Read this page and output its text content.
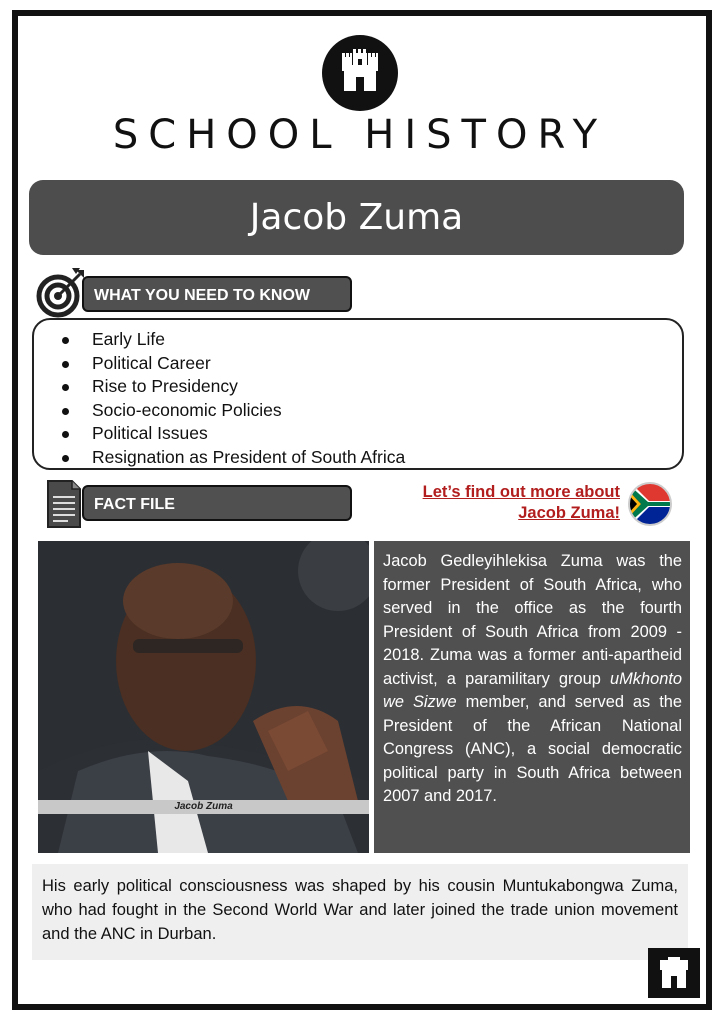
SCHOOL HISTORY
Jacob Zuma
WHAT YOU NEED TO KNOW
Early Life
Political Career
Rise to Presidency
Socio-economic Policies
Political Issues
Resignation as President of South Africa
FACT FILE
Let’s find out more about
Jacob Zuma!
Jacob Zuma
Jacob Gedleyihlekisa Zuma was the former President of South Africa, who served in the office as the fourth President of South Africa from 2009 - 2018. Zuma was a former anti-apartheid activist, a paramilitary group uMkhonto we Sizwe member, and served as the President of the African National Congress (ANC), a social democratic political party in South Africa between 2007 and 2017.
His early political consciousness was shaped by his cousin Muntukabongwa Zuma, who had fought in the Second World War and later joined the trade union movement and the ANC in Durban.
